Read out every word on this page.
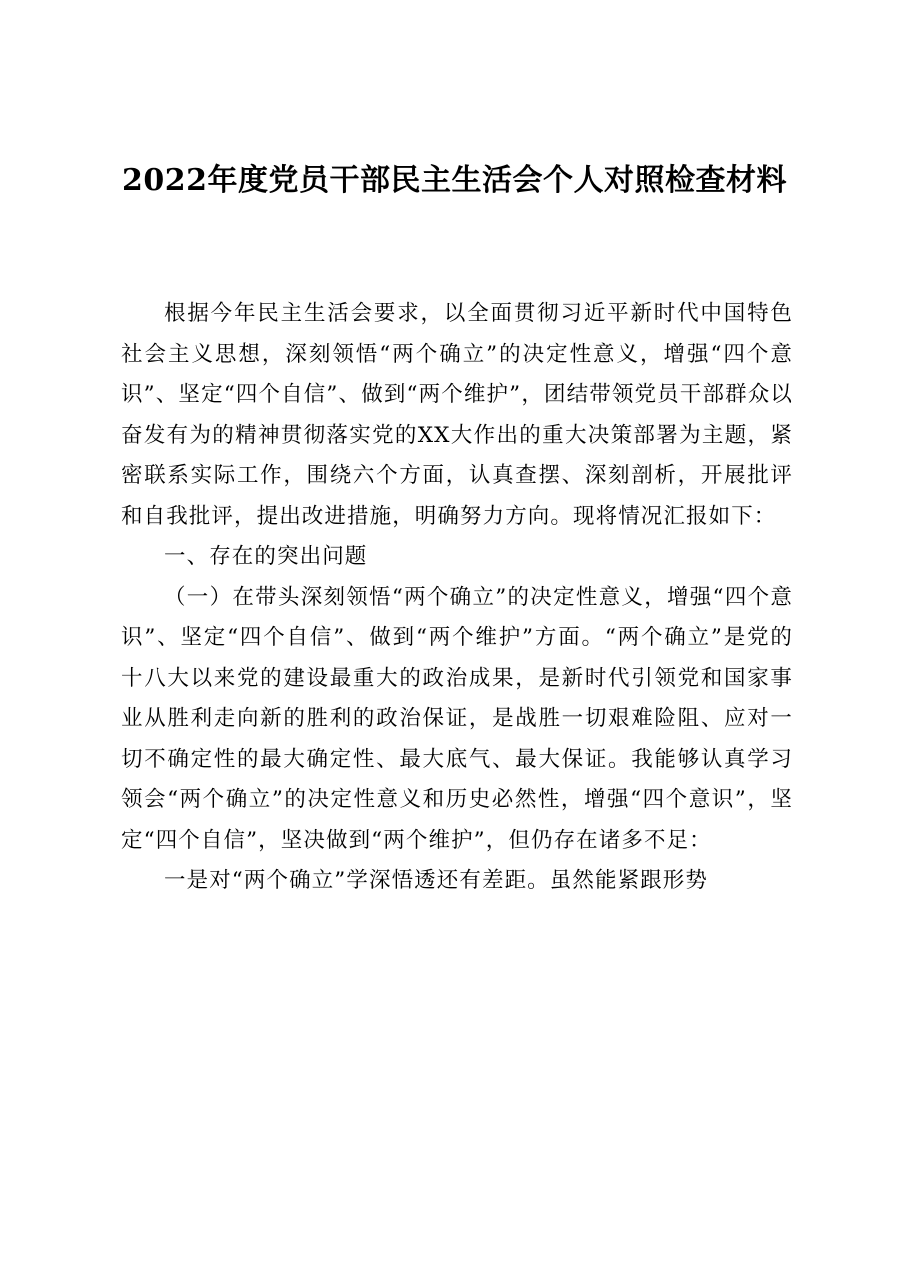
2022年度党员干部民主生活会个人对照检查材料

根据今年民主生活会要求，以全面贯彻习近平新时代中国特色社会主义思想，深刻领悟“两个确立”的决定性意义，增强“四个意识”、坚定“四个自信”、做到“两个维护”，团结带领党员干部群众以奋发有为的精神贯彻落实党的XX大作出的重大决策部署为主题，紧密联系实际工作，围绕六个方面，认真查摆、深刻剖析，开展批评和自我批评，提出改进措施，明确努力方向。现将情况汇报如下：

一、存在的突出问题

（一）在带头深刻领悟“两个确立”的决定性意义，增强“四个意识”、坚定“四个自信”、做到“两个维护”方面。“两个确立”是党的十八大以来党的建设最重大的政治成果，是新时代引领党和国家事业从胜利走向新的胜利的政治保证，是战胜一切艰难险阻、应对一切不确定性的最大确定性、最大底气、最大保证。我能够认真学习领会“两个确立”的决定性意义和历史必然性，增强“四个意识”，坚定“四个自信”，坚决做到“两个维护”，但仍存在诸多不足：

一是对“两个确立”学深悟透还有差距。虽然能紧跟形势
